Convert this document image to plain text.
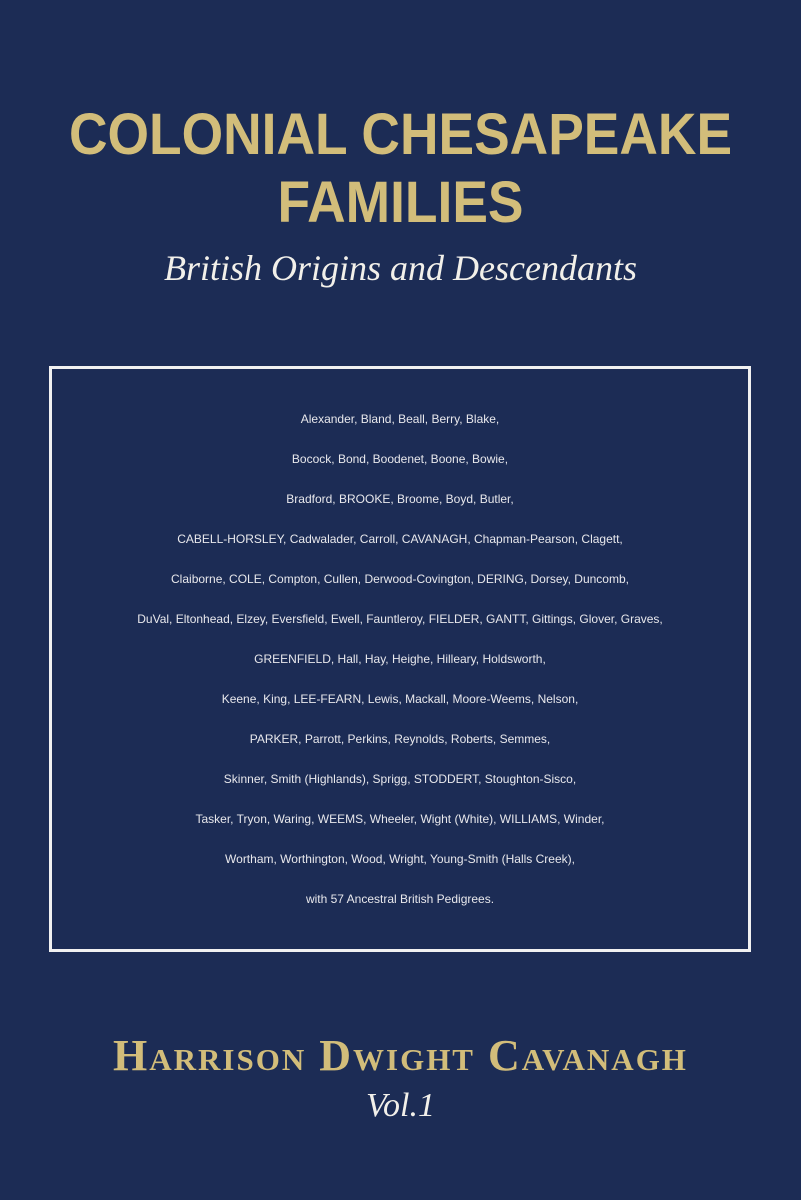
COLONIAL CHESAPEAKE
FAMILIES
British Origins and Descendants
Alexander, Bland, Beall, Berry, Blake,
Bocock, Bond, Boodenet, Boone, Bowie,
Bradford, BROOKE, Broome, Boyd, Butler,
CABELL-HORSLEY, Cadwalader, Carroll, CAVANAGH, Chapman-Pearson, Clagett,
Claiborne, COLE, Compton, Cullen, Derwood-Covington, DERING, Dorsey, Duncomb,
DuVal, Eltonhead, Elzey, Eversfield, Ewell, Fauntleroy, FIELDER, GANTT, Gittings, Glover, Graves,
GREENFIELD, Hall, Hay, Heighe, Hilleary, Holdsworth,
Keene, King, LEE-FEARN, Lewis, Mackall, Moore-Weems, Nelson,
PARKER, Parrott, Perkins, Reynolds, Roberts, Semmes,
Skinner, Smith (Highlands), Sprigg, STODDERT, Stoughton-Sisco,
Tasker, Tryon, Waring, WEEMS, Wheeler, Wight (White), WILLIAMS, Winder,
Wortham, Worthington, Wood, Wright, Young-Smith (Halls Creek),
with 57 Ancestral British Pedigrees.
Harrison Dwight Cavanagh
Vol.1
